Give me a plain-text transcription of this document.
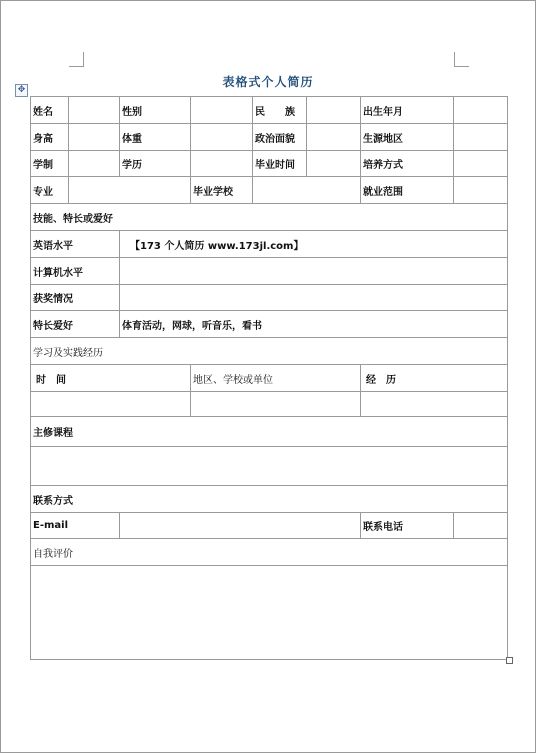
✥
表格式个人简历
姓名		性别		民　　族		出生年月	
身高		体重		政治面貌		生源地区	
学制		学历		毕业时间		培养方式	
专业			毕业学校			就业范围	
技能、特长或爱好							
英语水平		【173 个人简历 www.173jl.com】					
计算机水平							
获奖情况							
特长爱好		体育活动，网球，听音乐，看书					
学习及实践经历							
时　间			地区、学校或单位			经　历	

主修课程							

联系方式							
E-mail						联系电话	
自我评价							
